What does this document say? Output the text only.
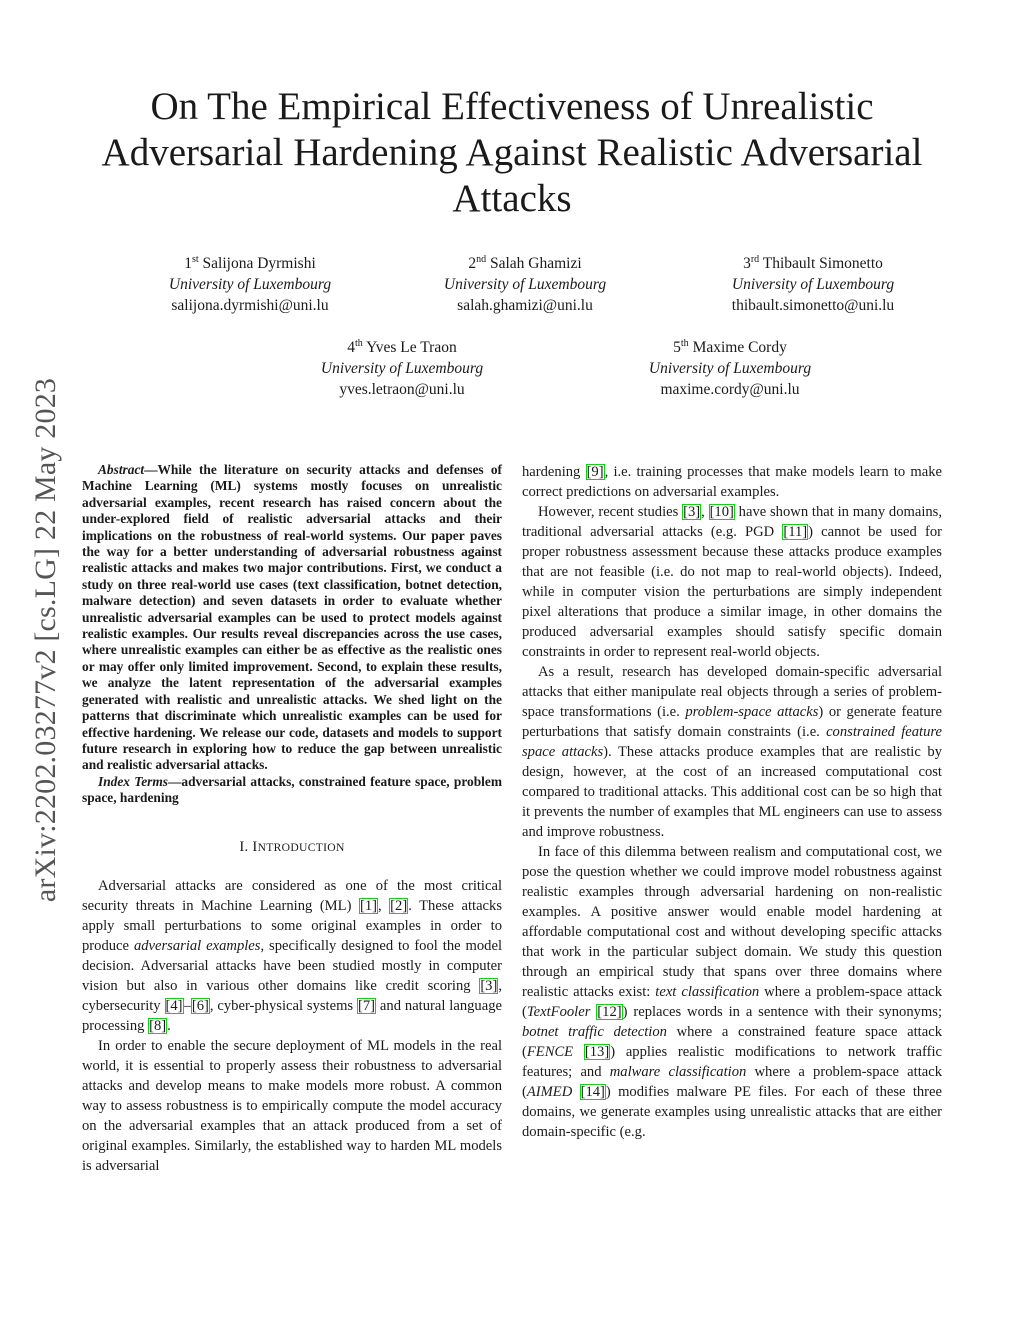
arXiv:2202.03277v2 [cs.LG] 22 May 2023
On The Empirical Effectiveness of Unrealistic Adversarial Hardening Against Realistic Adversarial Attacks
1st Salijona Dyrmishi
University of Luxembourg
salijona.dyrmishi@uni.lu
2nd Salah Ghamizi
University of Luxembourg
salah.ghamizi@uni.lu
3rd Thibault Simonetto
University of Luxembourg
thibault.simonetto@uni.lu
4th Yves Le Traon
University of Luxembourg
yves.letraon@uni.lu
5th Maxime Cordy
University of Luxembourg
maxime.cordy@uni.lu

Abstract—While the literature on security attacks and defenses of Machine Learning (ML) systems mostly focuses on unrealistic adversarial examples, recent research has raised concern about the under-explored field of realistic adversarial attacks and their implications on the robustness of real-world systems. Our paper paves the way for a better understanding of adversarial robustness against realistic attacks and makes two major contributions. First, we conduct a study on three real-world use cases (text classification, botnet detection, malware detection) and seven datasets in order to evaluate whether unrealistic adversarial examples can be used to protect models against realistic examples. Our results reveal discrepancies across the use cases, where unrealistic examples can either be as effective as the realistic ones or may offer only limited improvement. Second, to explain these results, we analyze the latent representation of the adversarial examples generated with realistic and unrealistic attacks. We shed light on the patterns that discriminate which unrealistic examples can be used for effective hardening. We release our code, datasets and models to support future research in exploring how to reduce the gap between unrealistic and realistic adversarial attacks.

Index Terms—adversarial attacks, constrained feature space, problem space, hardening

I. INTRODUCTION

Adversarial attacks are considered as one of the most critical security threats in Machine Learning (ML) [1], [2]. These attacks apply small perturbations to some original examples in order to produce adversarial examples, specifically designed to fool the model decision. Adversarial attacks have been studied mostly in computer vision but also in various other domains like credit scoring [3], cybersecurity [4]–[6], cyber-physical systems [7] and natural language processing [8].

In order to enable the secure deployment of ML models in the real world, it is essential to properly assess their robustness to adversarial attacks and develop means to make models more robust. A common way to assess robustness is to empirically compute the model accuracy on the adversarial examples that an attack produced from a set of original examples. Similarly, the established way to harden ML models is adversarial

hardening [9], i.e. training processes that make models learn to make correct predictions on adversarial examples.

However, recent studies [3], [10] have shown that in many domains, traditional adversarial attacks (e.g. PGD [11]) cannot be used for proper robustness assessment because these attacks produce examples that are not feasible (i.e. do not map to real-world objects). Indeed, while in computer vision the perturbations are simply independent pixel alterations that produce a similar image, in other domains the produced adversarial examples should satisfy specific domain constraints in order to represent real-world objects.

As a result, research has developed domain-specific adversarial attacks that either manipulate real objects through a series of problem-space transformations (i.e. problem-space attacks) or generate feature perturbations that satisfy domain constraints (i.e. constrained feature space attacks). These attacks produce examples that are realistic by design, however, at the cost of an increased computational cost compared to traditional attacks. This additional cost can be so high that it prevents the number of examples that ML engineers can use to assess and improve robustness.

In face of this dilemma between realism and computational cost, we pose the question whether we could improve model robustness against realistic examples through adversarial hardening on non-realistic examples. A positive answer would enable model hardening at affordable computational cost and without developing specific attacks that work in the particular subject domain. We study this question through an empirical study that spans over three domains where realistic attacks exist: text classification where a problem-space attack (TextFooler [12]) replaces words in a sentence with their synonyms; botnet traffic detection where a constrained feature space attack (FENCE [13]) applies realistic modifications to network traffic features; and malware classification where a problem-space attack (AIMED [14]) modifies malware PE files. For each of these three domains, we generate examples using unrealistic attacks that are either domain-specific (e.g.
